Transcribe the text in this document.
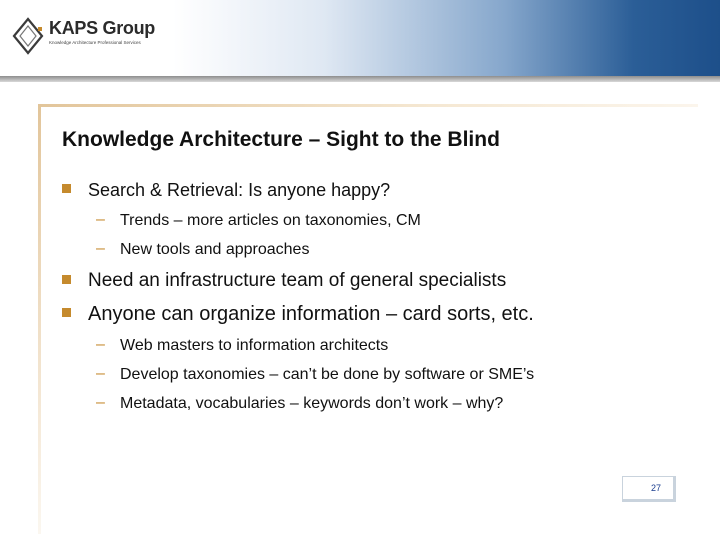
KAPS Group
Knowledge Architecture Professional Services
Knowledge Architecture – Sight to the Blind
Search & Retrieval: Is anyone happy?
– Trends – more articles on taxonomies, CM
– New tools and approaches
Need an infrastructure team of general specialists
Anyone can organize information – card sorts, etc.
– Web masters to information architects
– Develop taxonomies – can’t be done by software or SME’s
– Metadata, vocabularies – keywords don’t work – why?
27
